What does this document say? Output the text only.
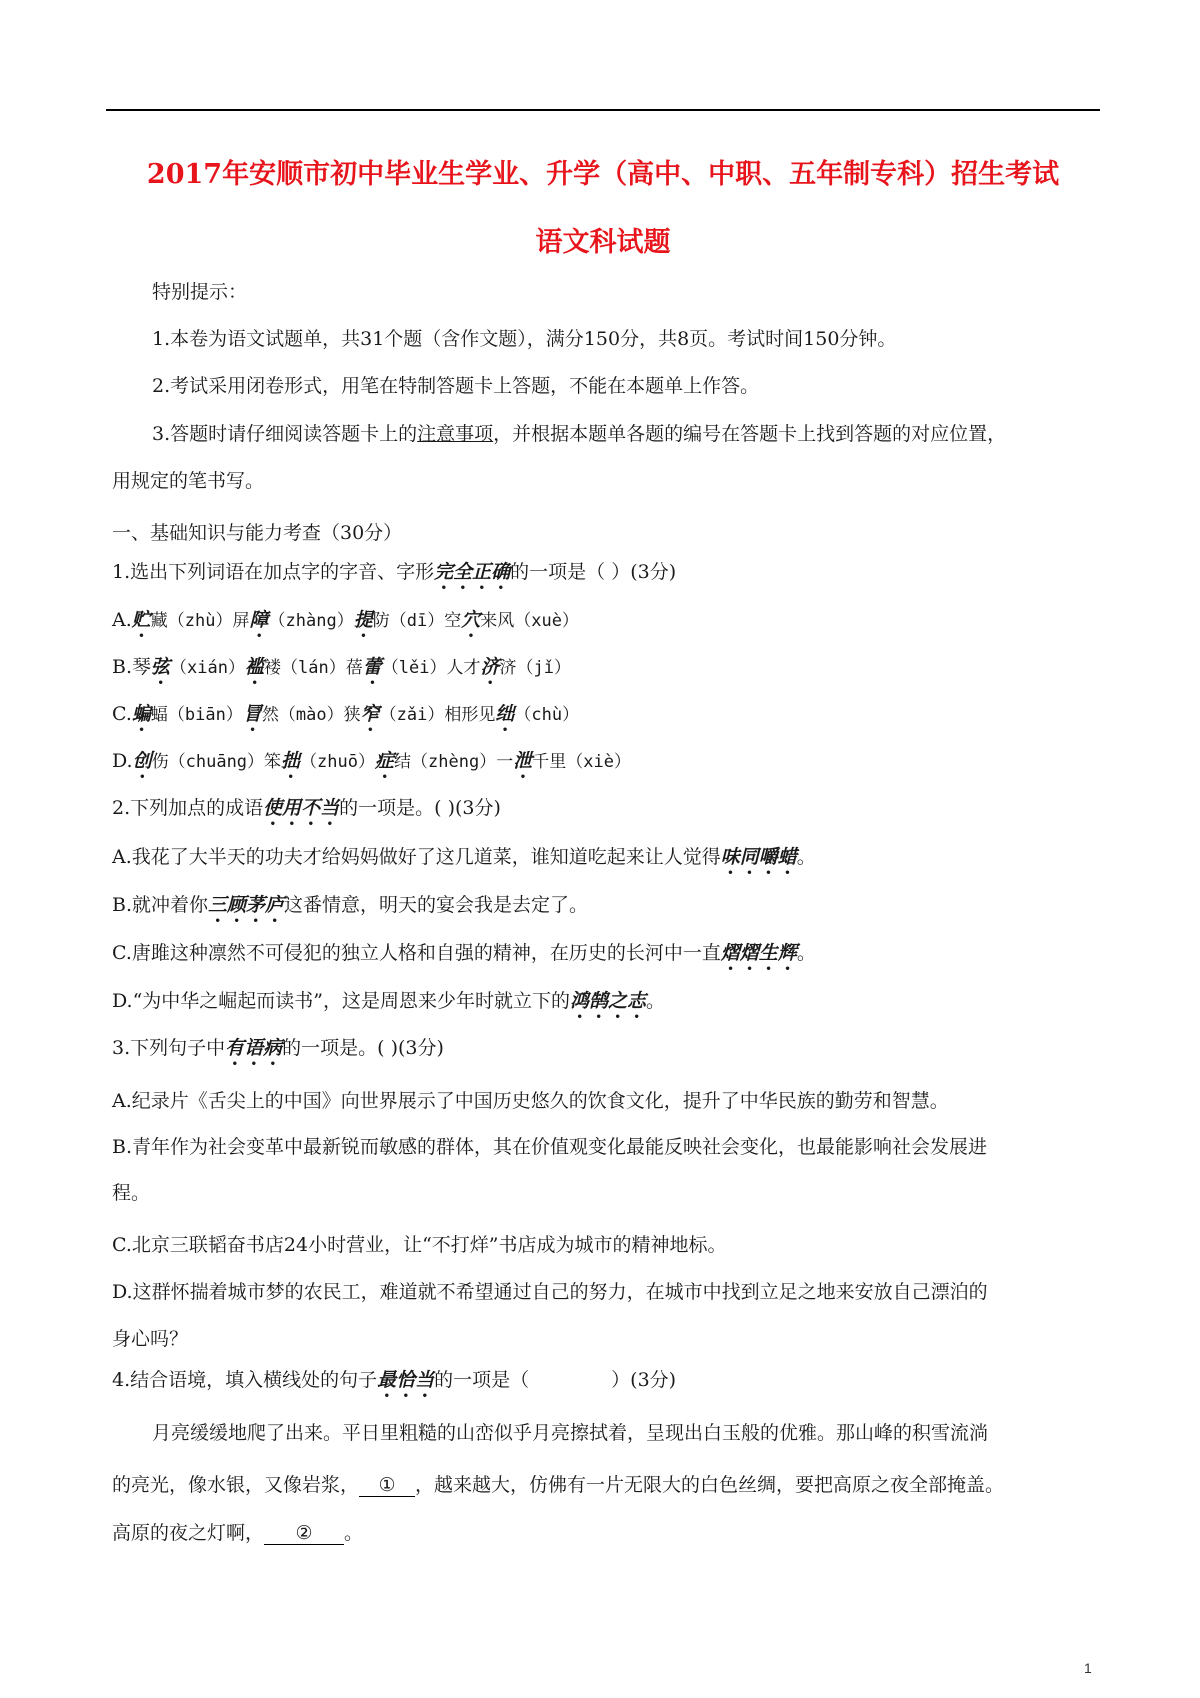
2017年安顺市初中毕业生学业、升学（高中、中职、五年制专科）招生考试
语文科试题
特别提示：
1.本卷为语文试题单，共31个题（含作文题），满分150分，共8页。考试时间150分钟。
2.考试采用闭卷形式，用笔在特制答题卡上答题，不能在本题单上作答。
3.答题时请仔细阅读答题卡上的注意事项，并根据本题单各题的编号在答题卡上找到答题的对应位置，
用规定的笔书写。
一、基础知识与能力考查（30分）
1.选出下列词语在加点字的字音、字形完全正确的一项是（ ）(3分)
A.贮藏（zhù）屏障（zhàng）提防（dī）空穴来风（xuè）
B.琴弦（xián）褴褛（lán）蓓蕾（lěi）人才济济（jǐ）
C.蝙蝠（biān）冒然（mào）狭窄（zǎi）相形见绌（chù）
D.创伤（chuāng）笨拙（zhuō）症结（zhèng）一泄千里（xiè）
2.下列加点的成语使用不当的一项是。( )(3分)
A.我花了大半天的功夫才给妈妈做好了这几道菜，谁知道吃起来让人觉得味同嚼蜡。
B.就冲着你三顾茅庐这番情意，明天的宴会我是去定了。
C.唐雎这种凛然不可侵犯的独立人格和自强的精神，在历史的长河中一直熠熠生辉。
D.“为中华之崛起而读书”，这是周恩来少年时就立下的鸿鹄之志。
3.下列句子中有语病的一项是。( )(3分)
A.纪录片《舌尖上的中国》向世界展示了中国历史悠久的饮食文化，提升了中华民族的勤劳和智慧。
B.青年作为社会变革中最新锐而敏感的群体，其在价值观变化最能反映社会变化，也最能影响社会发展进
程。
C.北京三联韬奋书店24小时营业，让“不打烊”书店成为城市的精神地标。
D.这群怀揣着城市梦的农民工，难道就不希望通过自己的努力，在城市中找到立足之地来安放自己漂泊的
身心吗？
4.结合语境，填入横线处的句子最恰当的一项是（	）(3分)
月亮缓缓地爬了出来。平日里粗糙的山峦似乎月亮擦拭着，呈现出白玉般的优雅。那山峰的积雪流淌
的亮光，像水银，又像岩浆， ① ，越来越大，仿佛有一片无限大的白色丝绸，要把高原之夜全部掩盖。
高原的夜之灯啊， ② 。
1
